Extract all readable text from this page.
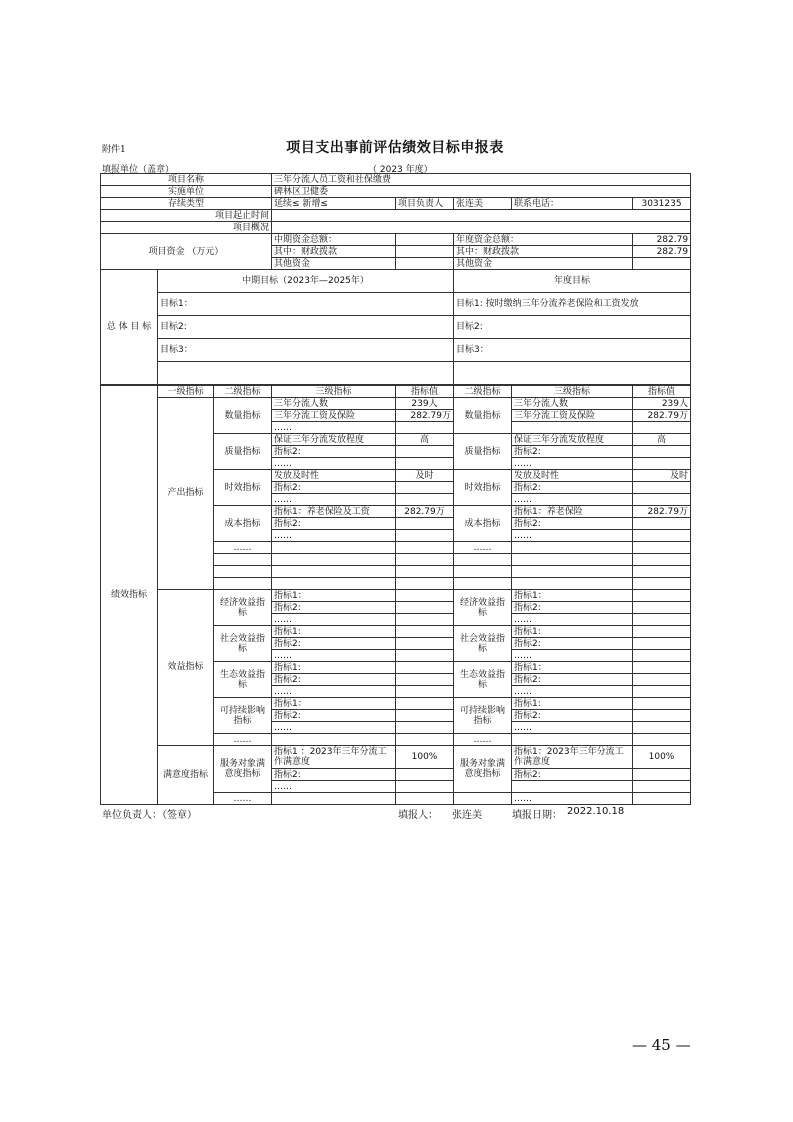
附件1	项目支出事前评估绩效目标申报表
填报单位（盖章）	（ 2023 年度）
项目名称		三年分流人员工资和社保缴费				
实施单位		碑林区卫健委				
存续类型		延续≤ 新增≤	项目负责人	张连美	联系电话：	3031235
项目起止时间						
项目概况						
项目资金 （万元）		中期资金总额：		年度资金总额：		282.79
		其中：财政拨款		其中：财政拨款		282.79
		其他资金		其他资金		
总 体 目 标	中期目标（2023年—2025年）			年度目标		
	目标1：			目标1: 按时缴纳三年分流养老保险和工资发放		
	目标2:			目标2:		
	目标3：			目标3：		

绩效指标	一级指标	二级指标	三级指标	指标值	二级指标	三级指标	指标值
	产出指标	数量指标	三年分流人数	239人	数量指标	三年分流人数	239人
			三年分流工资及保险	282.79万		三年分流工资及保险	282.79万
			……				
		质量指标	保证三年分流发放程度	高	质量指标	保证三年分流发放程度	高
			指标2:			指标2:	
			……			……	
		时效指标	发放及时性	及时	时效指标	发放及时性	及时
			指标2:			指标2:	
			……			……	
		成本指标	指标1：养老保险及工资	282.79万	成本指标	指标1：养老保险	282.79万
			指标2:			指标2:	
			……			……	
		……			……		

	效益指标	经济效益指标	指标1：		经济效益指标	指标1：	
			指标2:			指标2:	
			……			……	
		社会效益指标	指标1:		社会效益指标	指标1:	
			指标2:			指标2:	
			……			……	
		生态效益指标	指标1:		生态效益指标	指标1：	
			指标2:			指标2:	
			……			……	
		可持续影响指标	指标1：		可持续影响指标	指标1:	
			指标2:			指标2:	
			……			……	
		……			……		
	满意度指标	服务对象满意度指标	指标1 ：2023年三年分流工作满意度	100%	服务对象满意度指标	指标1：2023年三年分流工作满意度	100%
			指标2:			指标2:	
			……				
		……				……	
单位负责人：（签章）	填报人： 张连美	填报日期： 2022.10.18
— 45 —
